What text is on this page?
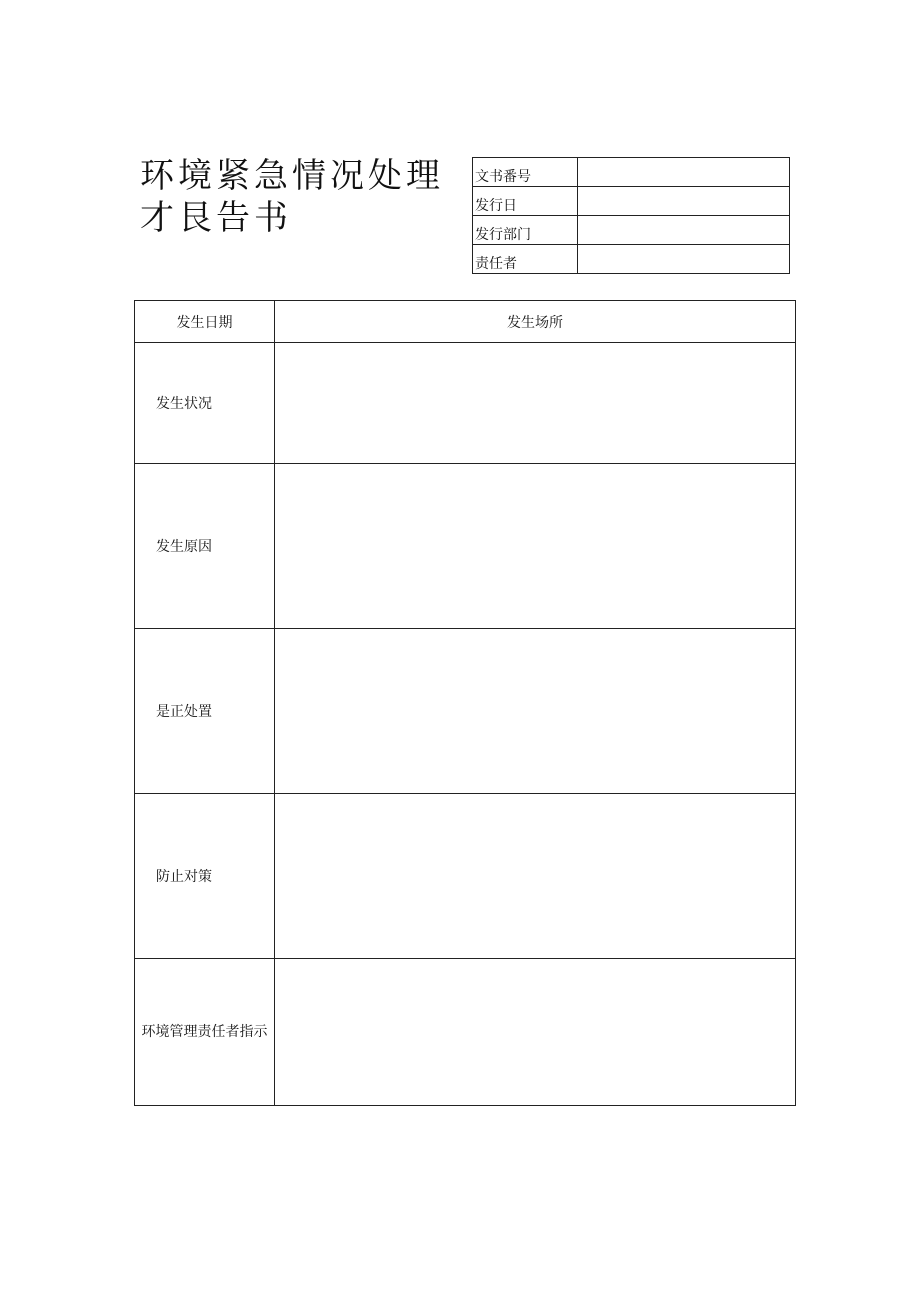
环境紧急情况处理才艮告书
文书番号	
发行日	
发行部门	
责任者	
发生日期	发生场所
发生状况	
发生原因	
是正处置	
防止对策	
环境管理责任者指示	
